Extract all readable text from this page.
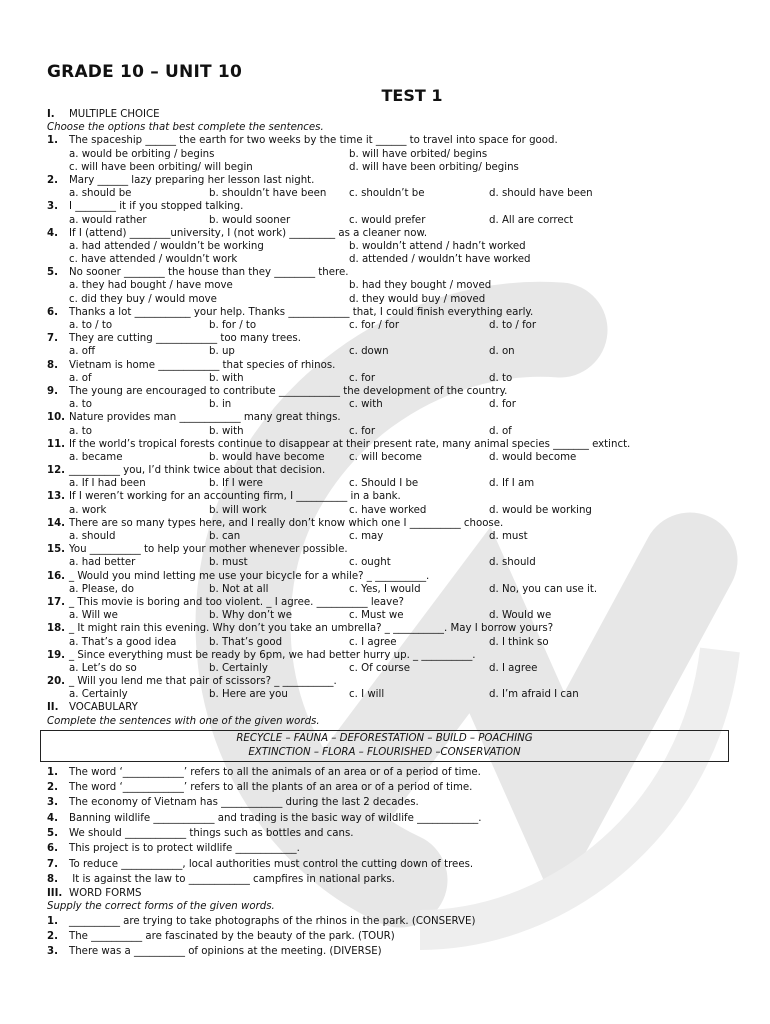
GRADE 10 – UNIT 10
TEST 1
I. MULTIPLE CHOICE
Choose the options that best complete the sentences.
1. The spaceship ______ the earth for two weeks by the time it ______ to travel into space for good.
a. would be orbiting / begins	b. will have orbited/ begins
c. will have been orbiting/ will begin	d. will have been orbiting/ begins
2. Mary ______ lazy preparing her lesson last night.
a. should be	b. shouldn’t have been	c. shouldn’t be	d. should have been
3. I ________ it if you stopped talking.
a. would rather	b. would sooner	c. would prefer	d. All are correct
4. If I (attend) ________university, I (not work) _________ as a cleaner now.
a. had attended / wouldn’t be working	b. wouldn’t attend / hadn’t worked
c. have attended / wouldn’t work	d. attended / wouldn’t have worked
5. No sooner ________ the house than they ________ there.
a. they had bought / have move	b. had they bought / moved
c. did they buy / would move	d. they would buy / moved
6. Thanks a lot ___________ your help. Thanks ____________ that, I could finish everything early.
a. to / to	b. for / to	c. for / for	d. to / for
7. They are cutting ____________ too many trees.
a. off	b. up	c. down	d. on
8. Vietnam is home ____________ that species of rhinos.
a. of	b. with	c. for	d. to
9. The young are encouraged to contribute ____________ the development of the country.
a. to	b. in	c. with	d. for
10. Nature provides man ____________ many great things.
a. to	b. with	c. for	d. of
11. If the world’s tropical forests continue to disappear at their present rate, many animal species _______ extinct.
a. became	b. would have become	c. will become	d. would become
12. __________ you, I’d think twice about that decision.
a. If I had been	b. If I were	c. Should I be	d. If I am
13. If I weren’t working for an accounting firm, I __________ in a bank.
a. work	b. will work	c. have worked	d. would be working
14. There are so many types here, and I really don’t know which one I __________ choose.
a. should	b. can	c. may	d. must
15. You __________ to help your mother whenever possible.
a. had better	b. must	c. ought	d. should
16. _ Would you mind letting me use your bicycle for a while? _ __________.
a. Please, do	b. Not at all	c. Yes, I would	d. No, you can use it.
17. _ This movie is boring and too violent. _ I agree. __________ leave?
a. Will we	b. Why don’t we	c. Must we	d. Would we
18. _ It might rain this evening. Why don’t you take an umbrella? _ __________. May I borrow yours?
a. That’s a good idea	b. That’s good	c. I agree	d. I think so
19. _ Since everything must be ready by 6pm, we had better hurry up. _ __________.
a. Let’s do so	b. Certainly	c. Of course	d. I agree
20. _ Will you lend me that pair of scissors? _ __________.
a. Certainly	b. Here are you	c. I will	d. I’m afraid I can
II. VOCABULARY
Complete the sentences with one of the given words.
RECYCLE – FAUNA – DEFORESTATION – BUILD – POACHING
EXTINCTION – FLORA – FLOURISHED –CONSERVATION
1. The word ‘____________’ refers to all the animals of an area or of a period of time.
2. The word ‘____________’ refers to all the plants of an area or of a period of time.
3. The economy of Vietnam has ____________ during the last 2 decades.
4. Banning wildlife ____________ and trading is the basic way of wildlife ____________.
5. We should ____________ things such as bottles and cans.
6. This project is to protect wildlife ____________.
7. To reduce ____________, local authorities must control the cutting down of trees.
8. It is against the law to ____________ campfires in national parks.
III. WORD FORMS
Supply the correct forms of the given words.
1. __________ are trying to take photographs of the rhinos in the park. (CONSERVE)
2. The __________ are fascinated by the beauty of the park. (TOUR)
3. There was a __________ of opinions at the meeting. (DIVERSE)
